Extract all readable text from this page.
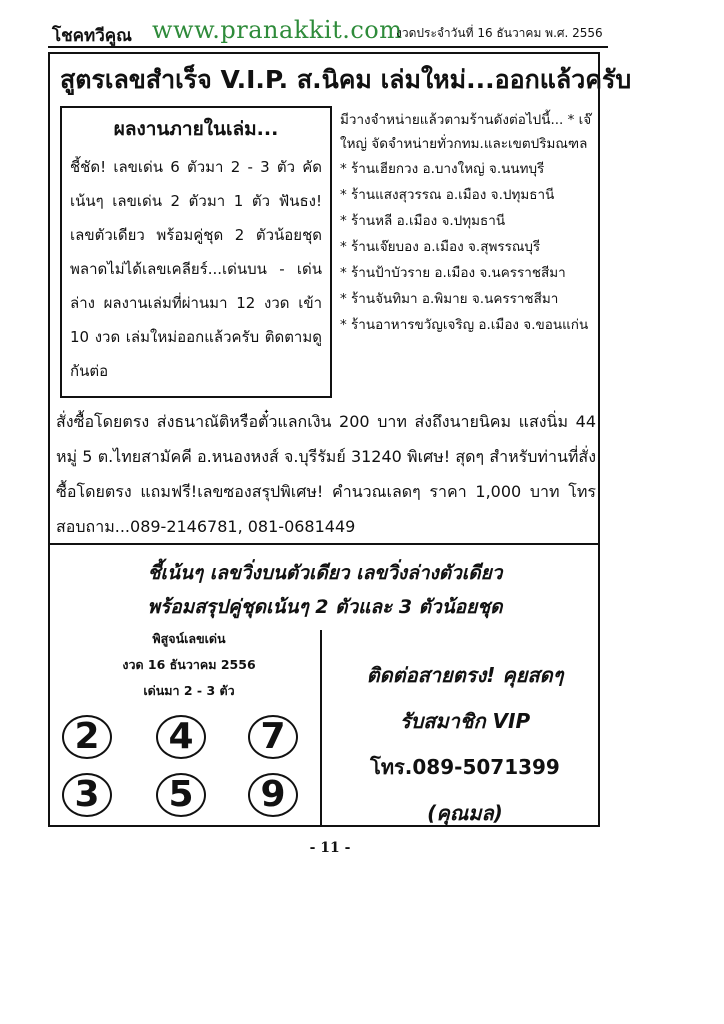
โชคทวีคูณ www.pranakkit.com
งวดประจำวันที่ 16 ธันวาคม พ.ศ. 2556
สูตรเลขสำเร็จ V.I.P. ส.นิคม เล่มใหม่...ออกแล้วครับ
ผลงานภายในเล่ม...
ชี้ชัด! เลขเด่น 6 ตัวมา 2 - 3 ตัว คัดเน้นๆ เลขเด่น 2 ตัวมา 1 ตัว ฟันธง! เลขตัวเดียว พร้อมคู่ชุด 2 ตัวน้อยชุด พลาดไม่ได้เลขเคลียร์...เด่นบน - เด่นล่าง ผลงานเล่มที่ผ่านมา 12 งวด เข้า 10 งวด เล่มใหม่ออกแล้วครับ ติดตามดูกันต่อ
มีวางจำหน่ายแล้วตามร้านดังต่อไปนี้... * เจ๊ใหญ่ จัดจำหน่ายทั่วกทม.และเขตปริมณฑล
* ร้านเฮียกวง อ.บางใหญ่ จ.นนทบุรี
* ร้านแสงสุวรรณ อ.เมือง จ.ปทุมธานี
* ร้านหลี อ.เมือง จ.ปทุมธานี
* ร้านเจ๊ยบอง อ.เมือง จ.สุพรรณบุรี
* ร้านป้าบัวราย อ.เมือง จ.นครราชสีมา
* ร้านจันทิมา อ.พิมาย จ.นครราชสีมา
* ร้านอาหารขวัญเจริญ อ.เมือง จ.ขอนแก่น
สั่งซื้อโดยตรง ส่งธนาณัติหรือตั๋วแลกเงิน 200 บาท ส่งถึงนายนิคม แสงนิ่ม 44 หมู่ 5 ต.ไทยสามัคคี อ.หนองหงส์ จ.บุรีรัมย์ 31240 พิเศษ! สุดๆ สำหรับท่านที่สั่งซื้อโดยตรง แถมฟรี!เลขซองสรุปพิเศษ! คำนวณเลดๆ ราคา 1,000 บาท โทรสอบถาม...089-2146781, 081-0681449
ชี้เน้นๆ เลขวิ่งบนตัวเดียว เลขวิ่งล่างตัวเดียว
พร้อมสรุปคู่ชุดเน้นๆ 2 ตัวและ 3 ตัวน้อยชุด
พิสูจน์เลขเด่น
งวด 16 ธันวาคม 2556
เด่นมา 2 - 3 ตัว
2	4	7
3	5	9
ติดต่อสายตรง! คุยสดๆ
รับสมาชิก VIP
โทร.089-5071399
(คุณมล)
- 11 -
